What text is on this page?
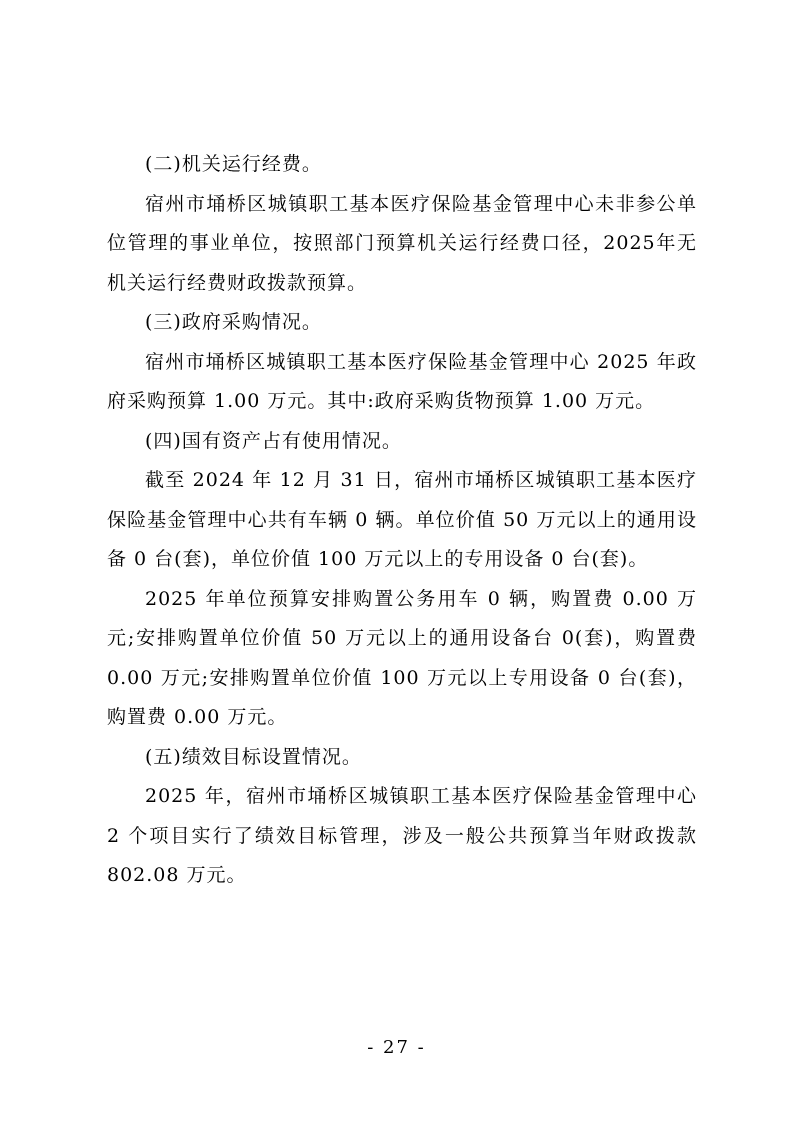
(二)机关运行经费。

宿州市埇桥区城镇职工基本医疗保险基金管理中心未非参公单位管理的事业单位，按照部门预算机关运行经费口径，2025年无机关运行经费财政拨款预算。

(三)政府采购情况。

宿州市埇桥区城镇职工基本医疗保险基金管理中心 2025 年政府采购预算 1.00 万元。其中:政府采购货物预算 1.00 万元。

(四)国有资产占有使用情况。

截至 2024 年 12 月 31 日，宿州市埇桥区城镇职工基本医疗保险基金管理中心共有车辆 0 辆。单位价值 50 万元以上的通用设备 0 台(套)，单位价值 100 万元以上的专用设备 0 台(套)。

2025 年单位预算安排购置公务用车 0 辆，购置费 0.00 万元;安排购置单位价值 50 万元以上的通用设备台 0(套)，购置费 0.00 万元;安排购置单位价值 100 万元以上专用设备 0 台(套)，购置费 0.00 万元。

(五)绩效目标设置情况。

2025 年，宿州市埇桥区城镇职工基本医疗保险基金管理中心 2 个项目实行了绩效目标管理，涉及一般公共预算当年财政拨款 802.08 万元。

- 27 -
